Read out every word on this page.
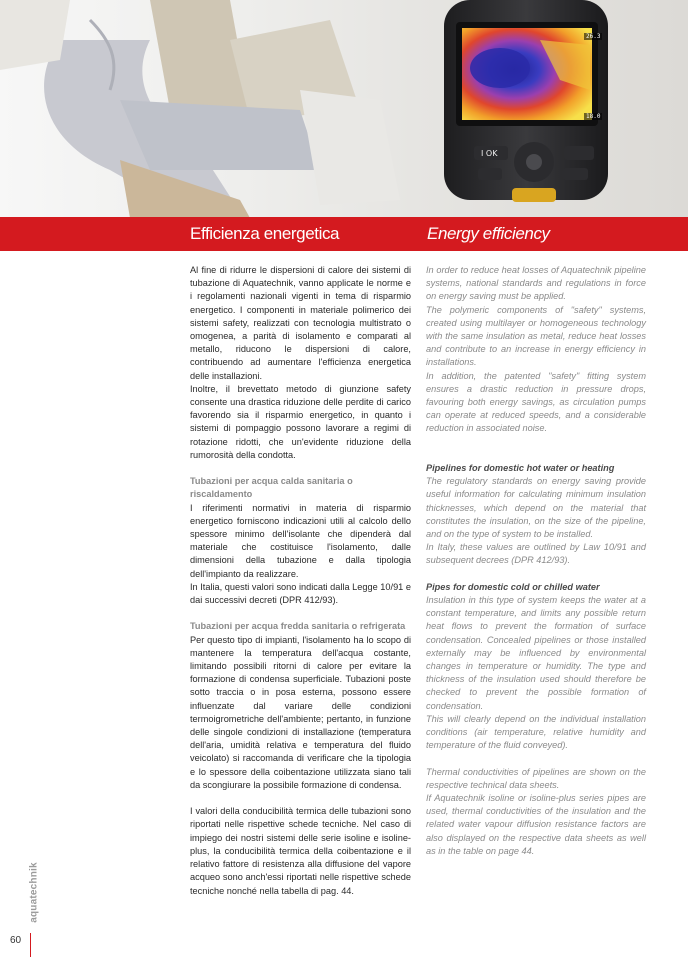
26.3
18.0
I OK
Efficienza energetica	Energy efficiency

Al fine di ridurre le dispersioni di calore dei sistemi di tubazione di Aquatechnik, vanno applicate le norme e i regolamenti nazionali vigenti in tema di risparmio energetico. I componenti in materiale polimerico dei sistemi safety, realizzati con tecnologia multistrato o omogenea, a parità di isolamento e comparati al metallo, riducono le dispersioni di calore, contribuendo ad aumentare l'efficienza energetica delle installazioni.

Inoltre, il brevettato metodo di giunzione safety consente una drastica riduzione delle perdite di carico favorendo sia il risparmio energetico, in quanto i sistemi di pompaggio possono lavorare a regimi di rotazione ridotti, che un'evidente riduzione della rumorosità della condotta.

Tubazioni per acqua calda sanitaria o riscaldamento

I riferimenti normativi in materia di risparmio energetico forniscono indicazioni utili al calcolo dello spessore minimo dell'isolante che dipenderà dal materiale che costituisce l'isolamento, dalle dimensioni della tubazione e dalla tipologia dell'impianto da realizzare.

In Italia, questi valori sono indicati dalla Legge 10/91 e dai successivi decreti (DPR 412/93).

Tubazioni per acqua fredda sanitaria o refrigerata

Per questo tipo di impianti, l'isolamento ha lo scopo di mantenere la temperatura dell'acqua costante, limitando possibili ritorni di calore per evitare la formazione di condensa superficiale. Tubazioni poste sotto traccia o in posa esterna, possono essere influenzate dal variare delle condizioni termoigrometriche dell'ambiente; pertanto, in funzione delle singole condizioni di installazione (temperatura dell'aria, umidità relativa e temperatura del fluido veicolato) si raccomanda di verificare che la tipologia e lo spessore della coibentazione utilizzata siano tali da scongiurare la possibile formazione di condensa.

I valori della conducibilità termica delle tubazioni sono riportati nelle rispettive schede tecniche. Nel caso di impiego dei nostri sistemi delle serie isoline e isoline-plus, la conducibilità termica della coibentazione e il relativo fattore di resistenza alla diffusione del vapore acqueo sono anch'essi riportati nelle rispettive schede tecniche nonché nella tabella di pag. 44.

In order to reduce heat losses of Aquatechnik pipeline systems, national standards and regulations in force on energy saving must be applied.

The polymeric components of "safety" systems, created using multilayer or homogeneous technology with the same insulation as metal, reduce heat losses and contribute to an increase in energy efficiency in installations.

In addition, the patented "safety" fitting system ensures a drastic reduction in pressure drops, favouring both energy savings, as circulation pumps can operate at reduced speeds, and a considerable reduction in associated noise.

Pipelines for domestic hot water or heating

The regulatory standards on energy saving provide useful information for calculating minimum insulation thicknesses, which depend on the material that constitutes the insulation, on the size of the pipeline, and on the type of system to be installed.

In Italy, these values are outlined by Law 10/91 and subsequent decrees (DPR 412/93).

Pipes for domestic cold or chilled water

Insulation in this type of system keeps the water at a constant temperature, and limits any possible return heat flows to prevent the formation of surface condensation. Concealed pipelines or those installed externally may be influenced by environmental changes in temperature or humidity. The type and thickness of the insulation used should therefore be checked to prevent the possible formation of condensation.

This will clearly depend on the individual installation conditions (air temperature, relative humidity and temperature of the fluid conveyed).

Thermal conductivities of pipelines are shown on the respective technical data sheets.

If Aquatechnik isoline or isoline-plus series pipes are used, thermal conductivities of the insulation and the related water vapour diffusion resistance factors are also displayed on the respective data sheets as well as in the table on page 44.

aquatechnik
60
